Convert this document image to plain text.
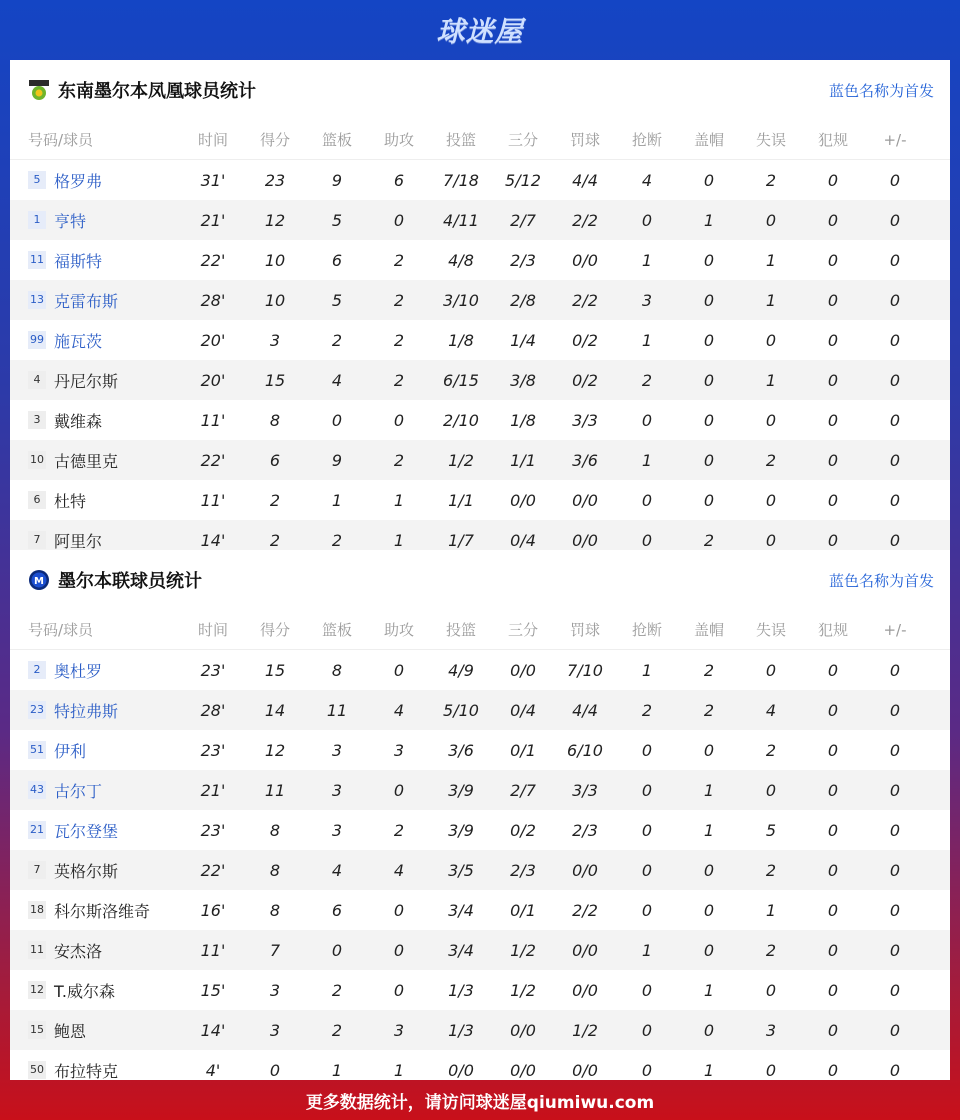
球迷屋
东南墨尔本凤凰球员统计	蓝色名称为首发
号码/球员	时间	得分	篮板	助攻	投篮	三分	罚球	抢断	盖帽	失误	犯规	+/-
5 格罗弗	31'	23	9	6	7/18	5/12	4/4	4	0	2	0	0
1 亨特	21'	12	5	0	4/11	2/7	2/2	0	1	0	0	0
11 福斯特	22'	10	6	2	4/8	2/3	0/0	1	0	1	0	0
13 克雷布斯	28'	10	5	2	3/10	2/8	2/2	3	0	1	0	0
99 施瓦茨	20'	3	2	2	1/8	1/4	0/2	1	0	0	0	0
4 丹尼尔斯	20'	15	4	2	6/15	3/8	0/2	2	0	1	0	0
3 戴维森	11'	8	0	0	2/10	1/8	3/3	0	0	0	0	0
10 古德里克	22'	6	9	2	1/2	1/1	3/6	1	0	2	0	0
6 杜特	11'	2	1	1	1/1	0/0	0/0	0	0	0	0	0
7 阿里尔	14'	2	2	1	1/7	0/4	0/0	0	2	0	0	0
M 墨尔本联球员统计	蓝色名称为首发
号码/球员	时间	得分	篮板	助攻	投篮	三分	罚球	抢断	盖帽	失误	犯规	+/-
2 奥杜罗	23'	15	8	0	4/9	0/0	7/10	1	2	0	0	0
23 特拉弗斯	28'	14	11	4	5/10	0/4	4/4	2	2	4	0	0
51 伊利	23'	12	3	3	3/6	0/1	6/10	0	0	2	0	0
43 古尔丁	21'	11	3	0	3/9	2/7	3/3	0	1	0	0	0
21 瓦尔登堡	23'	8	3	2	3/9	0/2	2/3	0	1	5	0	0
7 英格尔斯	22'	8	4	4	3/5	2/3	0/0	0	0	2	0	0
18 科尔斯洛维奇	16'	8	6	0	3/4	0/1	2/2	0	0	1	0	0
11 安杰洛	11'	7	0	0	3/4	1/2	0/0	1	0	2	0	0
12 T.威尔森	15'	3	2	0	1/3	1/2	0/0	0	1	0	0	0
15 鲍恩	14'	3	2	3	1/3	0/0	1/2	0	0	3	0	0
50 布拉特克	4'	0	1	1	0/0	0/0	0/0	0	1	0	0	0
更多数据统计，请访问球迷屋qiumiwu.com
